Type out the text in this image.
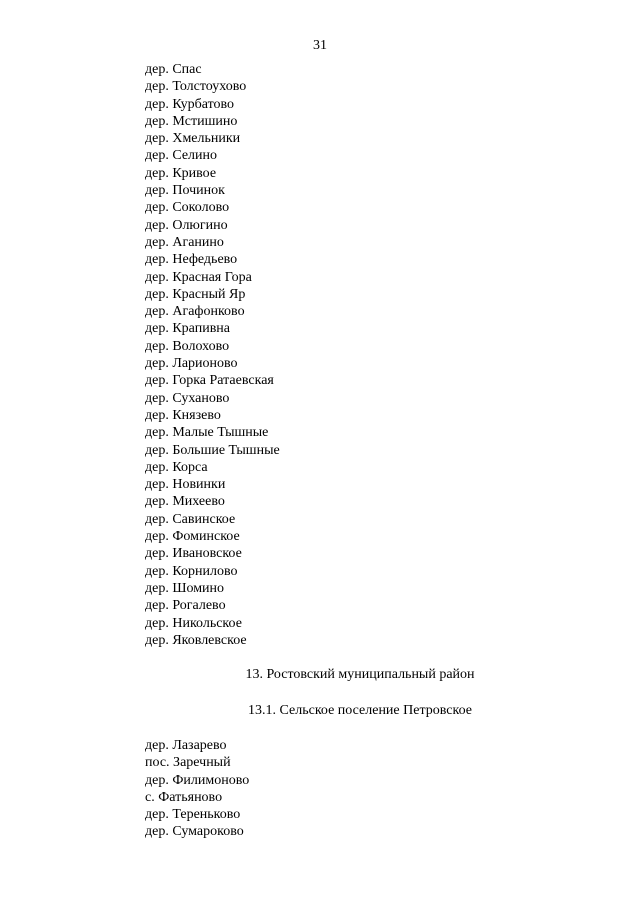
31
дер. Спас
дер. Толстоухово
дер. Курбатово
дер. Мстишино
дер. Хмельники
дер. Селино
дер. Кривое
дер. Починок
дер. Соколово
дер. Олюгино
дер. Аганино
дер. Нефедьево
дер. Красная Гора
дер. Красный Яр
дер. Агафонково
дер. Крапивна
дер. Волохово
дер. Ларионово
дер. Горка Ратаевская
дер. Суханово
дер. Князево
дер. Малые Тышные
дер. Большие Тышные
дер. Корса
дер. Новинки
дер. Михеево
дер. Савинское
дер. Фоминское
дер. Ивановское
дер. Корнилово
дер. Шомино
дер. Рогалево
дер. Никольское
дер. Яковлевское
13. Ростовский муниципальный район
13.1. Сельское поселение Петровское
дер. Лазарево
пос. Заречный
дер. Филимоново
с. Фатьяново
дер. Тереньково
дер. Сумароково
